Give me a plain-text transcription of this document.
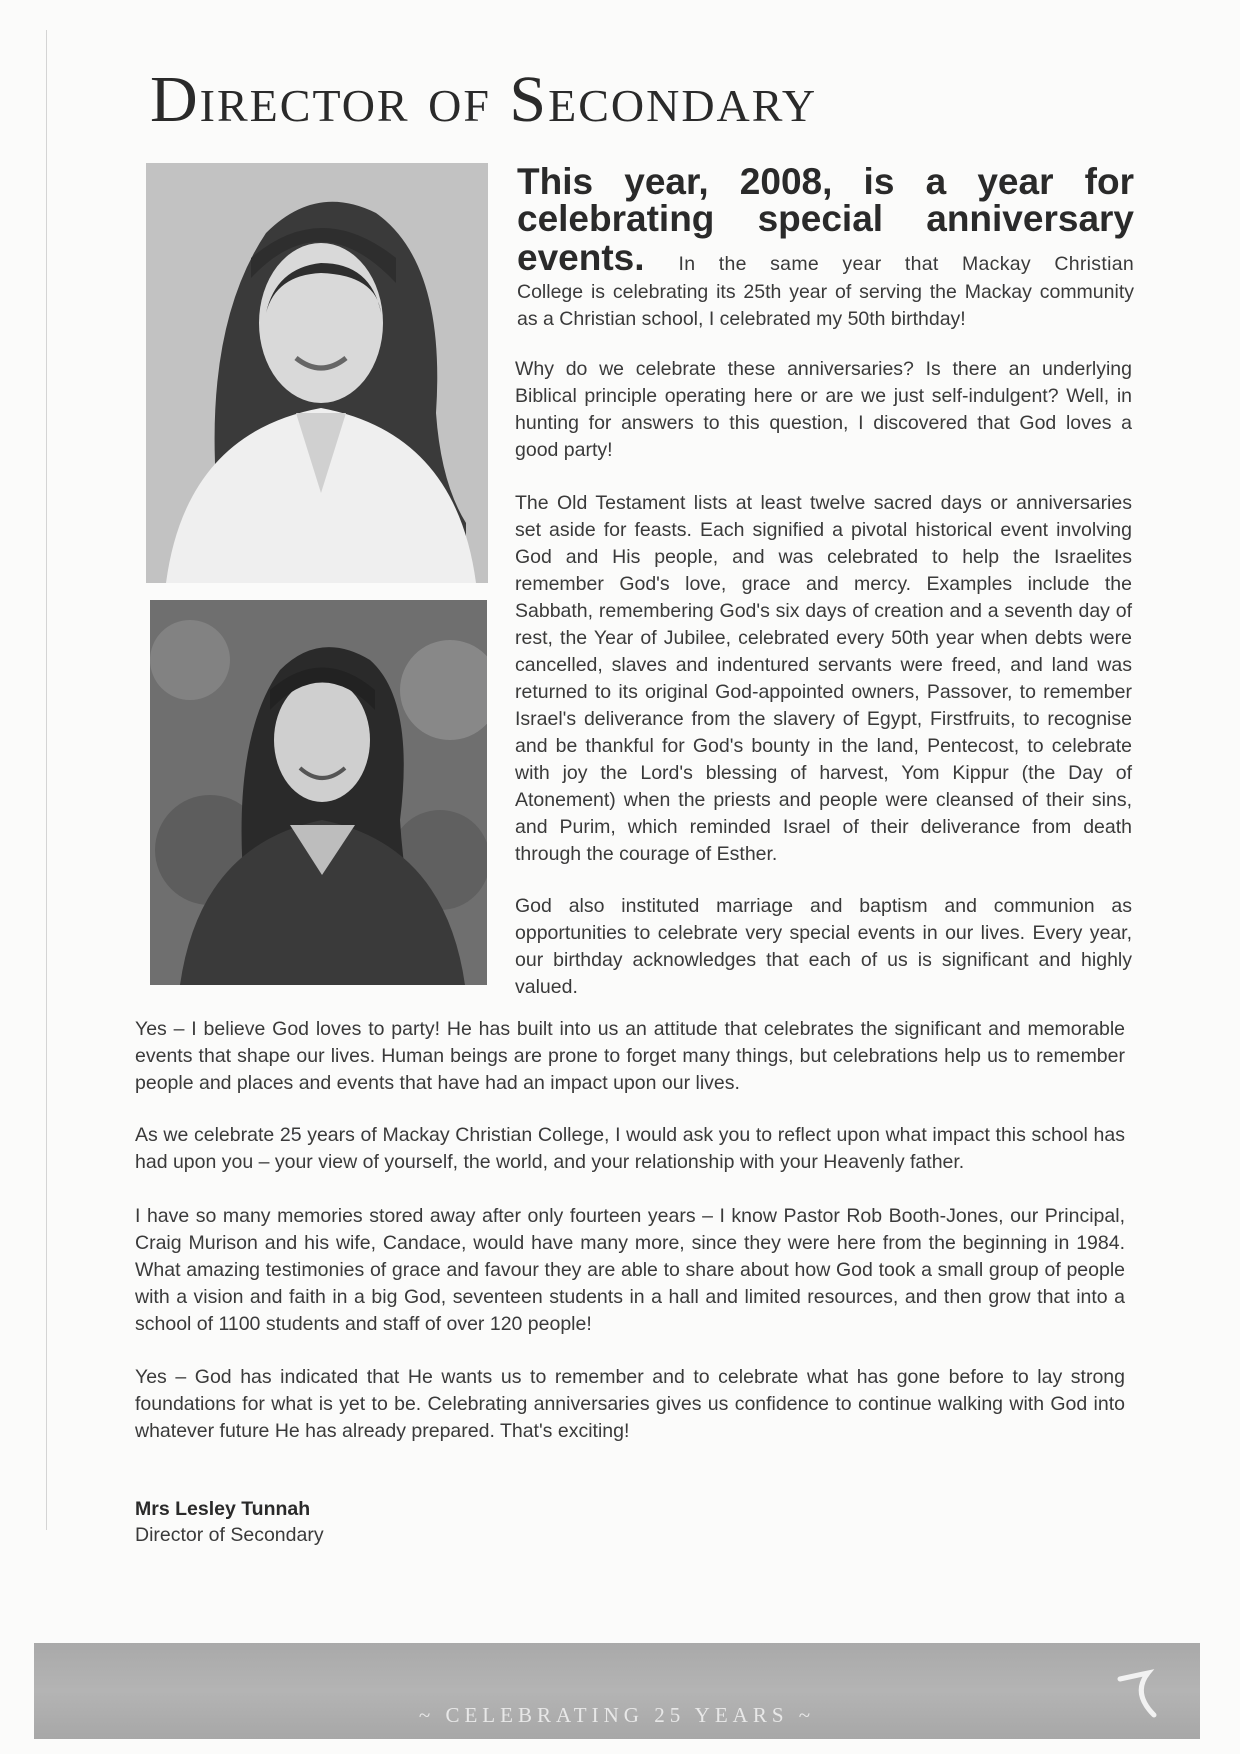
Director of Secondary

This year, 2008, is a year for

celebrating special anniversary

events. In the same year that Mackay Christian

College is celebrating its 25th year of serving the Mackay community as a Christian school, I celebrated my 50th birthday!

Why do we celebrate these anniversaries? Is there an underlying Biblical principle operating here or are we just self-indulgent? Well, in hunting for answers to this question, I discovered that God loves a good party!

The Old Testament lists at least twelve sacred days or anniversaries set aside for feasts. Each signified a pivotal historical event involving God and His people, and was celebrated to help the Israelites remember God's love, grace and mercy. Examples include the Sabbath, remembering God's six days of creation and a seventh day of rest, the Year of Jubilee, celebrated every 50th year when debts were cancelled, slaves and indentured servants were freed, and land was returned to its original God-appointed owners, Passover, to remember Israel's deliverance from the slavery of Egypt, Firstfruits, to recognise and be thankful for God's bounty in the land, Pentecost, to celebrate with joy the Lord's blessing of harvest, Yom Kippur (the Day of Atonement) when the priests and people were cleansed of their sins, and Purim, which reminded Israel of their deliverance from death through the courage of Esther.

God also instituted marriage and baptism and communion as opportunities to celebrate very special events in our lives. Every year, our birthday acknowledges that each of us is significant and highly valued.

Yes – I believe God loves to party! He has built into us an attitude that celebrates the significant and memorable events that shape our lives. Human beings are prone to forget many things, but celebrations help us to remember people and places and events that have had an impact upon our lives.

As we celebrate 25 years of Mackay Christian College, I would ask you to reflect upon what impact this school has had upon you – your view of yourself, the world, and your relationship with your Heavenly father.

I have so many memories stored away after only fourteen years – I know Pastor Rob Booth-Jones, our Principal, Craig Murison and his wife, Candace, would have many more, since they were here from the beginning in 1984. What amazing testimonies of grace and favour they are able to share about how God took a small group of people with a vision and faith in a big God, seventeen students in a hall and limited resources, and then grow that into a school of 1100 students and staff of over 120 people!

Yes – God has indicated that He wants us to remember and to celebrate what has gone before to lay strong foundations for what is yet to be. Celebrating anniversaries gives us confidence to continue walking with God into whatever future He has already prepared. That's exciting!

Mrs Lesley Tunnah

Director of Secondary

~ CELEBRATING 25 YEARS ~
